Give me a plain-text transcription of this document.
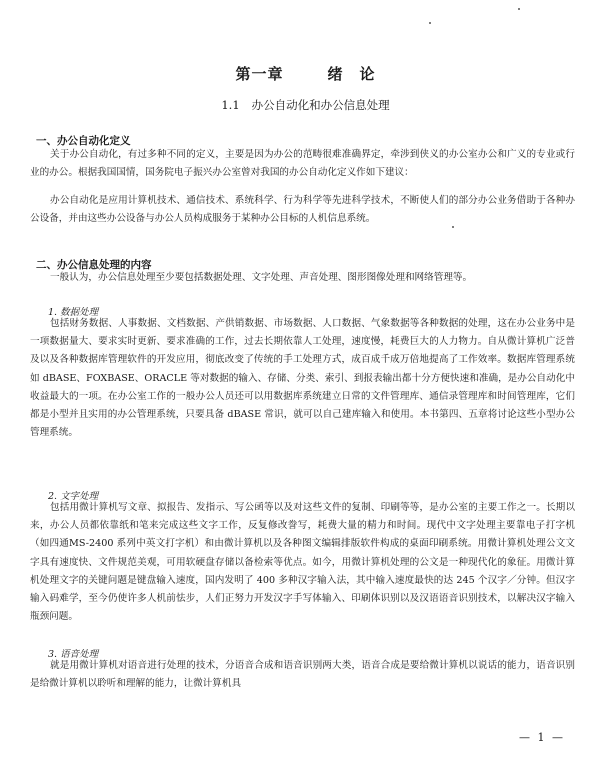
第一章	绪　论
1.1 办公自动化和办公信息处理
一、办公自动化定义
关于办公自动化，有过多种不同的定义，主要是因为办公的范畴很难准确界定，牵涉到侠义的办公室办公和广义的专业或行业的办公。根据我国国情，国务院电子振兴办公室曾对我国的办公自动化定义作如下建议：
办公自动化是应用计算机技术、通信技术、系统科学、行为科学等先进科学技术，不断使人们的部分办公业务借助于各种办公设备，并由这些办公设备与办公人员构成服务于某种办公目标的人机信息系统。
二、办公信息处理的内容
一般认为，办公信息处理至少要包括数据处理、文字处理、声音处理、图形图像处理和网络管理等。
1. 数据处理
包括财务数据、人事数据、文档数据、产供销数据、市场数据、人口数据、气象数据等各种数据的处理，这在办公业务中是一项数据量大、要求实时更新、要求准确的工作，过去长期依靠人工处理，速度慢，耗费巨大的人力物力。自从微计算机广泛普及以及各种数据库管理软件的开发应用，彻底改变了传统的手工处理方式，成百成千成万倍地提高了工作效率。数据库管理系统如 dBASE、FOXBASE、ORACLE 等对数据的输入、存储、分类、索引、到报表输出都十分方便快速和准确，是办公自动化中收益最大的一项。在办公室工作的一般办公人员还可以用数据库系统建立日常的文件管理库、通信录管理库和时间管理库，它们都是小型并且实用的办公管理系统，只要具备 dBASE 常识，就可以自己建库输入和使用。本书第四、五章将讨论这些小型办公管理系统。
2. 文字处理
包括用微计算机写文章、拟报告、发指示、写公函等以及对这些文件的复制、印刷等等，是办公室的主要工作之一。长期以来，办公人员都依靠纸和笔来完成这些文字工作，反复修改誊写，耗费大量的精力和时间。现代中文字处理主要靠电子打字机（如四通MS-2400 系列中英文打字机）和由微计算机以及各种图文编辑排版软件构成的桌面印刷系统。用微计算机处理公文文字具有速度快、文件规范美观，可用软硬盘存储以备检索等优点。如今，用微计算机处理的公文是一种现代化的象征。用微计算机处理文字的关键问题是键盘输入速度，国内发明了 400 多种汉字输入法，其中输入速度最快的达 245 个汉字／分钟。但汉字输入码难学，至今仍使许多人机前怯步，人们正努力开发汉字手写体输入、印刷体识别以及汉语语音识别技术，以解决汉字输入瓶颈问题。
3. 语音处理
就是用微计算机对语音进行处理的技术，分语音合成和语音识别两大类，语音合成是要给微计算机以说话的能力，语音识别是给微计算机以聆听和理解的能力，让微计算机具
— 1 —
